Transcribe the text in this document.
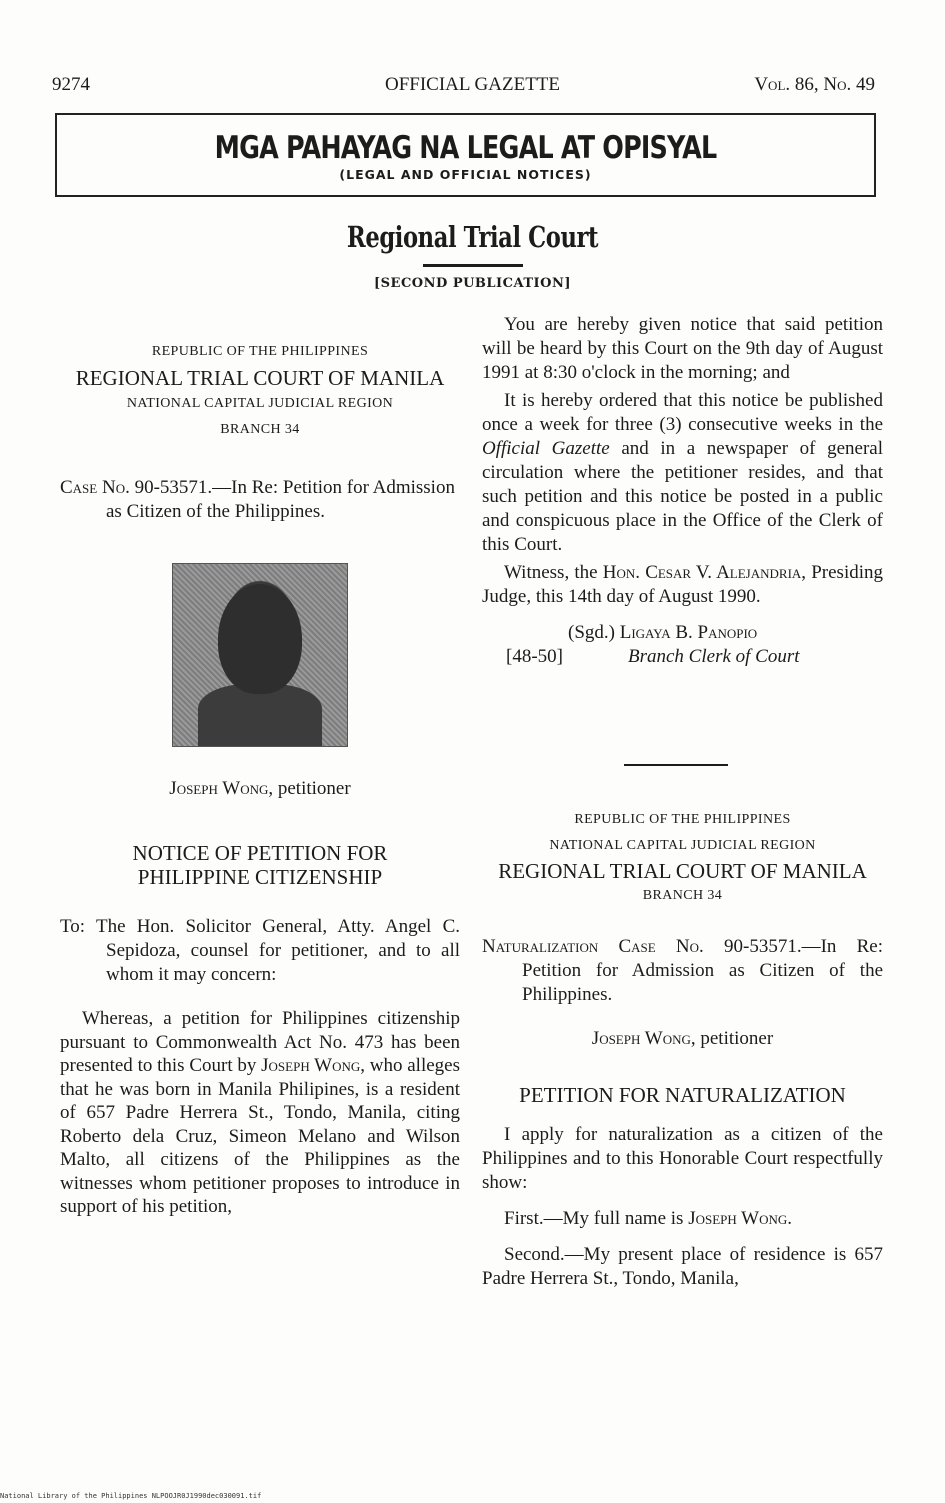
9274	OFFICIAL GAZETTE	Vol. 86, No. 49
MGA PAHAYAG NA LEGAL AT OPISYAL
(LEGAL AND OFFICIAL NOTICES)
Regional Trial Court
[SECOND PUBLICATION]
REPUBLIC OF THE PHILIPPINES
REGIONAL TRIAL COURT OF MANILA
NATIONAL CAPITAL JUDICIAL REGION
BRANCH 34

Case No. 90-53571.—In Re: Petition for Admission as Citizen of the Philippines.

Joseph Wong, petitioner
NOTICE OF PETITION FOR
PHILIPPINE CITIZENSHIP

To: The Hon. Solicitor General, Atty. Angel C. Sepidoza, counsel for petitioner, and to all whom it may concern:

Whereas, a petition for Philippines citizenship pursuant to Commonwealth Act No. 473 has been presented to this Court by Joseph Wong, who alleges that he was born in Manila Philipines, is a resident of 657 Padre Herrera St., Tondo, Manila, citing Roberto dela Cruz, Simeon Melano and Wilson Malto, all citizens of the Philippines as the witnesses whom petitioner proposes to introduce in support of his petition,

You are hereby given notice that said petition will be heard by this Court on the 9th day of August 1991 at 8:30 o'clock in the morning; and

It is hereby ordered that this notice be published once a week for three (3) consecutive weeks in the Official Gazette and in a newspaper of general circulation where the petitioner resides, and that such petition and this notice be posted in a public and conspicuous place in the Office of the Clerk of this Court.

Witness, the Hon. Cesar V. Alejandria, Presiding Judge, this 14th day of August 1990.

(Sgd.) Ligaya B. Panopio
[48-50]	Branch Clerk of Court
REPUBLIC OF THE PHILIPPINES
NATIONAL CAPITAL JUDICIAL REGION
REGIONAL TRIAL COURT OF MANILA
BRANCH 34

Naturalization Case No. 90-53571.—In Re: Petition for Admission as Citizen of the Philippines.

Joseph Wong, petitioner
PETITION FOR NATURALIZATION

I apply for naturalization as a citizen of the Philippines and to this Honorable Court respectfully show:

First.—My full name is Joseph Wong.

Second.—My present place of residence is 657 Padre Herrera St., Tondo, Manila,

National Library of the Philippines NLPOOJR0J1990dec030091.tif
